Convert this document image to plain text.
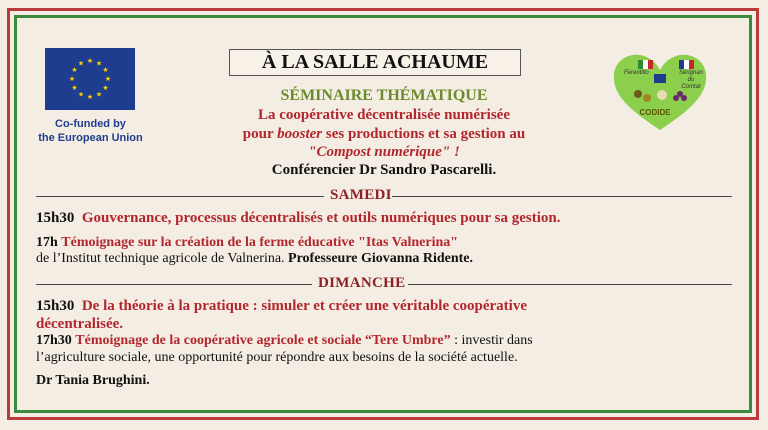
★ ★
★
★
★
★
★
★
★
★
★
★
Co-funded by
the European Union
Ferentillo	Sérignan
du Comtat
CODIDE
À LA SALLE ACHAUME
SÉMINAIRE THÉMATIQUE
La coopérative décentralisée numérisée
pour booster ses productions et sa gestion au
"Compost numérique" !
Conférencier Dr Sandro Pascarelli.
SAMEDI
15h30 Gouvernance, processus décentralisés et outils numériques pour sa gestion.
17h Témoignage sur la création de la ferme éducative "Itas Valnerina"
de l’Institut technique agricole de Valnerina. Professeure Giovanna Ridente.
DIMANCHE
15h30 De la théorie à la pratique : simuler et créer une véritable coopérative
décentralisée.
17h30 Témoignage de la coopérative agricole et sociale “Tere Umbre” : investir dans
l’agriculture sociale, une opportunité pour répondre aux besoins de la société actuelle.
Dr Tania Brughini.
